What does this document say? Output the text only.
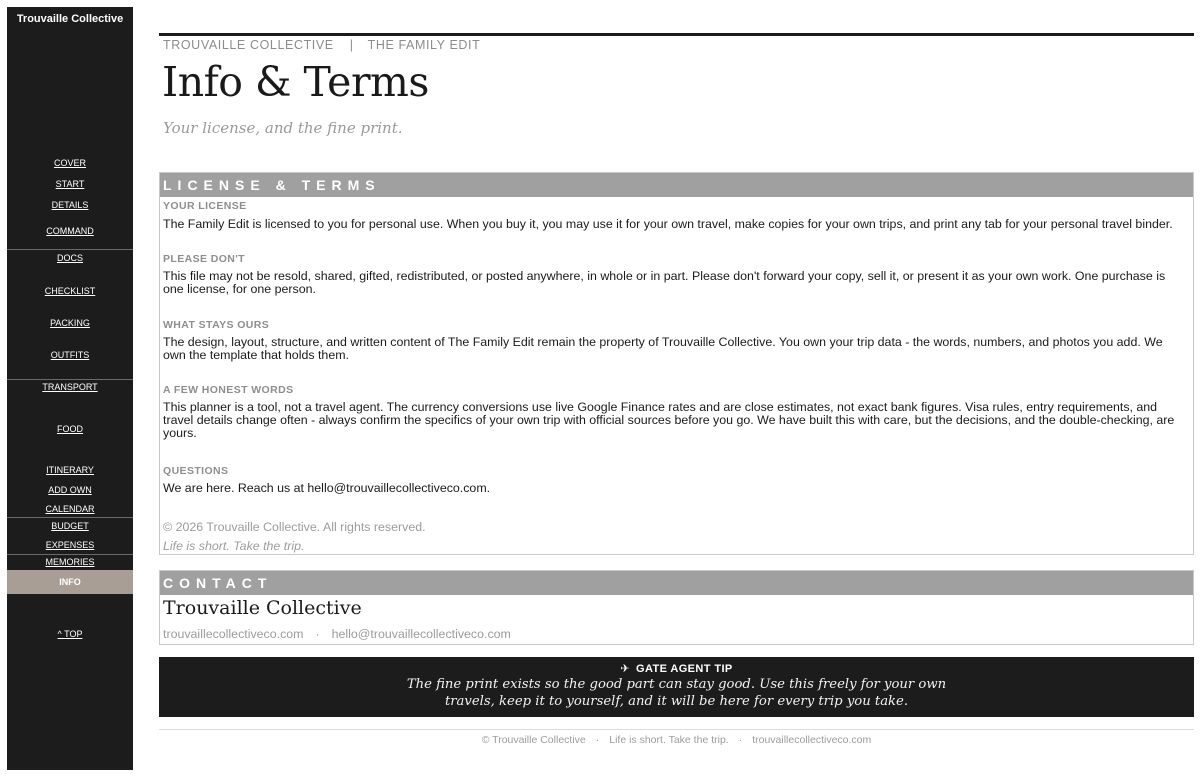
Trouvaille Collective
COVER
START
DETAILS
COMMAND
DOCS
CHECKLIST
PACKING
OUTFITS
TRANSPORT
FOOD
ITINERARY
ADD OWN
CALENDAR
BUDGET
EXPENSES
MEMORIES
INFO
^ TOP
TROUVAILLE COLLECTIVE | THE FAMILY EDIT
Info & Terms
Your license, and the fine print.
LICENSE & TERMS
YOUR LICENSE
The Family Edit is licensed to you for personal use. When you buy it, you may use it for your own travel, make copies for your own trips, and print any tab for your personal travel binder.
PLEASE DON'T
This file may not be resold, shared, gifted, redistributed, or posted anywhere, in whole or in part. Please don't forward your copy, sell it, or present it as your own work. One purchase is one license, for one person.
WHAT STAYS OURS
The design, layout, structure, and written content of The Family Edit remain the property of Trouvaille Collective. You own your trip data - the words, numbers, and photos you add. We own the template that holds them.
A FEW HONEST WORDS
This planner is a tool, not a travel agent. The currency conversions use live Google Finance rates and are close estimates, not exact bank figures. Visa rules, entry requirements, and travel details change often - always confirm the specifics of your own trip with official sources before you go. We have built this with care, but the decisions, and the double-checking, are yours.
QUESTIONS
We are here. Reach us at hello@trouvaillecollectiveco.com.
© 2026 Trouvaille Collective. All rights reserved.
Life is short. Take the trip.
CONTACT
Trouvaille Collective
trouvaillecollectiveco.com · hello@trouvaillecollectiveco.com
✈ GATE AGENT TIP
The fine print exists so the good part can stay good. Use this freely for your own travels, keep it to yourself, and it will be here for every trip you take.
© Trouvaille Collective · Life is short. Take the trip. · trouvaillecollectiveco.com
